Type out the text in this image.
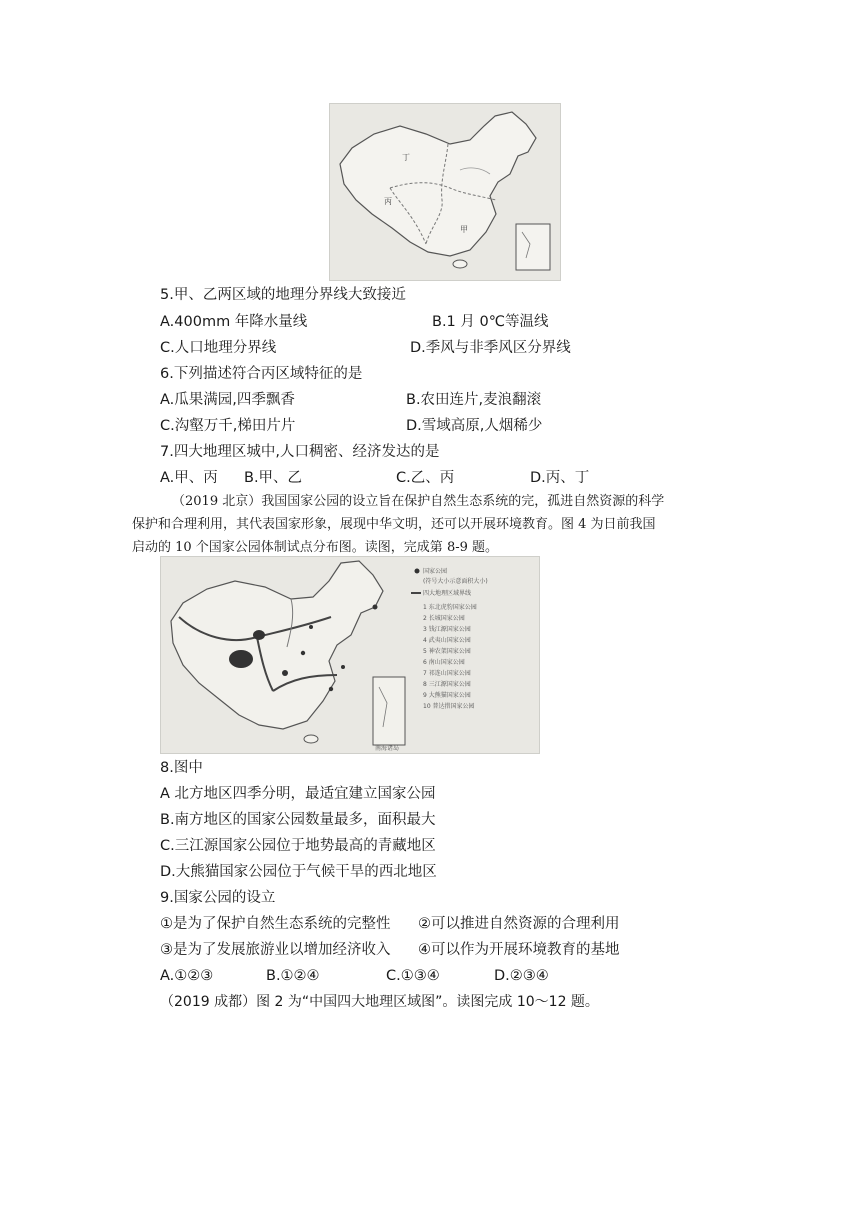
丁
丙
甲
5.甲、乙两区域的地理分界线大致接近
A.400mm 年降水量线	B.1 月 0℃等温线
C.人口地理分界线	D.季风与非季风区分界线
6.下列描述符合丙区域特征的是
A.瓜果满园,四季飘香	B.农田连片,麦浪翻滚
C.沟壑万千,梯田片片	D.雪域高原,人烟稀少
7.四大地理区城中,人口稠密、经济发达的是
A.甲、丙 B.甲、乙	C.乙、丙	D.丙、丁
（2019 北京）我国国家公园的设立旨在保护自然生态系统的完，孤进自然资源的科学
保护和合理利用，其代表国家形象，展现中华文明，还可以开展环境教育。图 4 为日前我国
启动的 10 个国家公园体制试点分布图。读图，完成第 8-9 题。
南海诸岛
国家公园
(符号大小示意面积大小)
四大地理区域界线
1 东北虎豹国家公园
2 长城国家公园
3 钱江源国家公园
4 武夷山国家公园
5 神农架国家公园
6 南山国家公园
7 祁连山国家公园
8 三江源国家公园
9 大熊猫国家公园
10 普达措国家公园
8.图中
A 北方地区四季分明，最适宜建立国家公园
B.南方地区的国家公园数量最多，面积最大
C.三江源国家公园位于地势最高的青藏地区
D.大熊猫国家公园位于气候干旱的西北地区
9.国家公园的设立
①是为了保护自然生态系统的完整性 ②可以推进自然资源的合理利用
③是为了发展旅游业以增加经济收入 ④可以作为开展环境教育的基地
A.①②③	B.①②④	C.①③④	D.②③④
（2019 成都）图 2 为“中国四大地理区域图”。读图完成 10～12 题。
